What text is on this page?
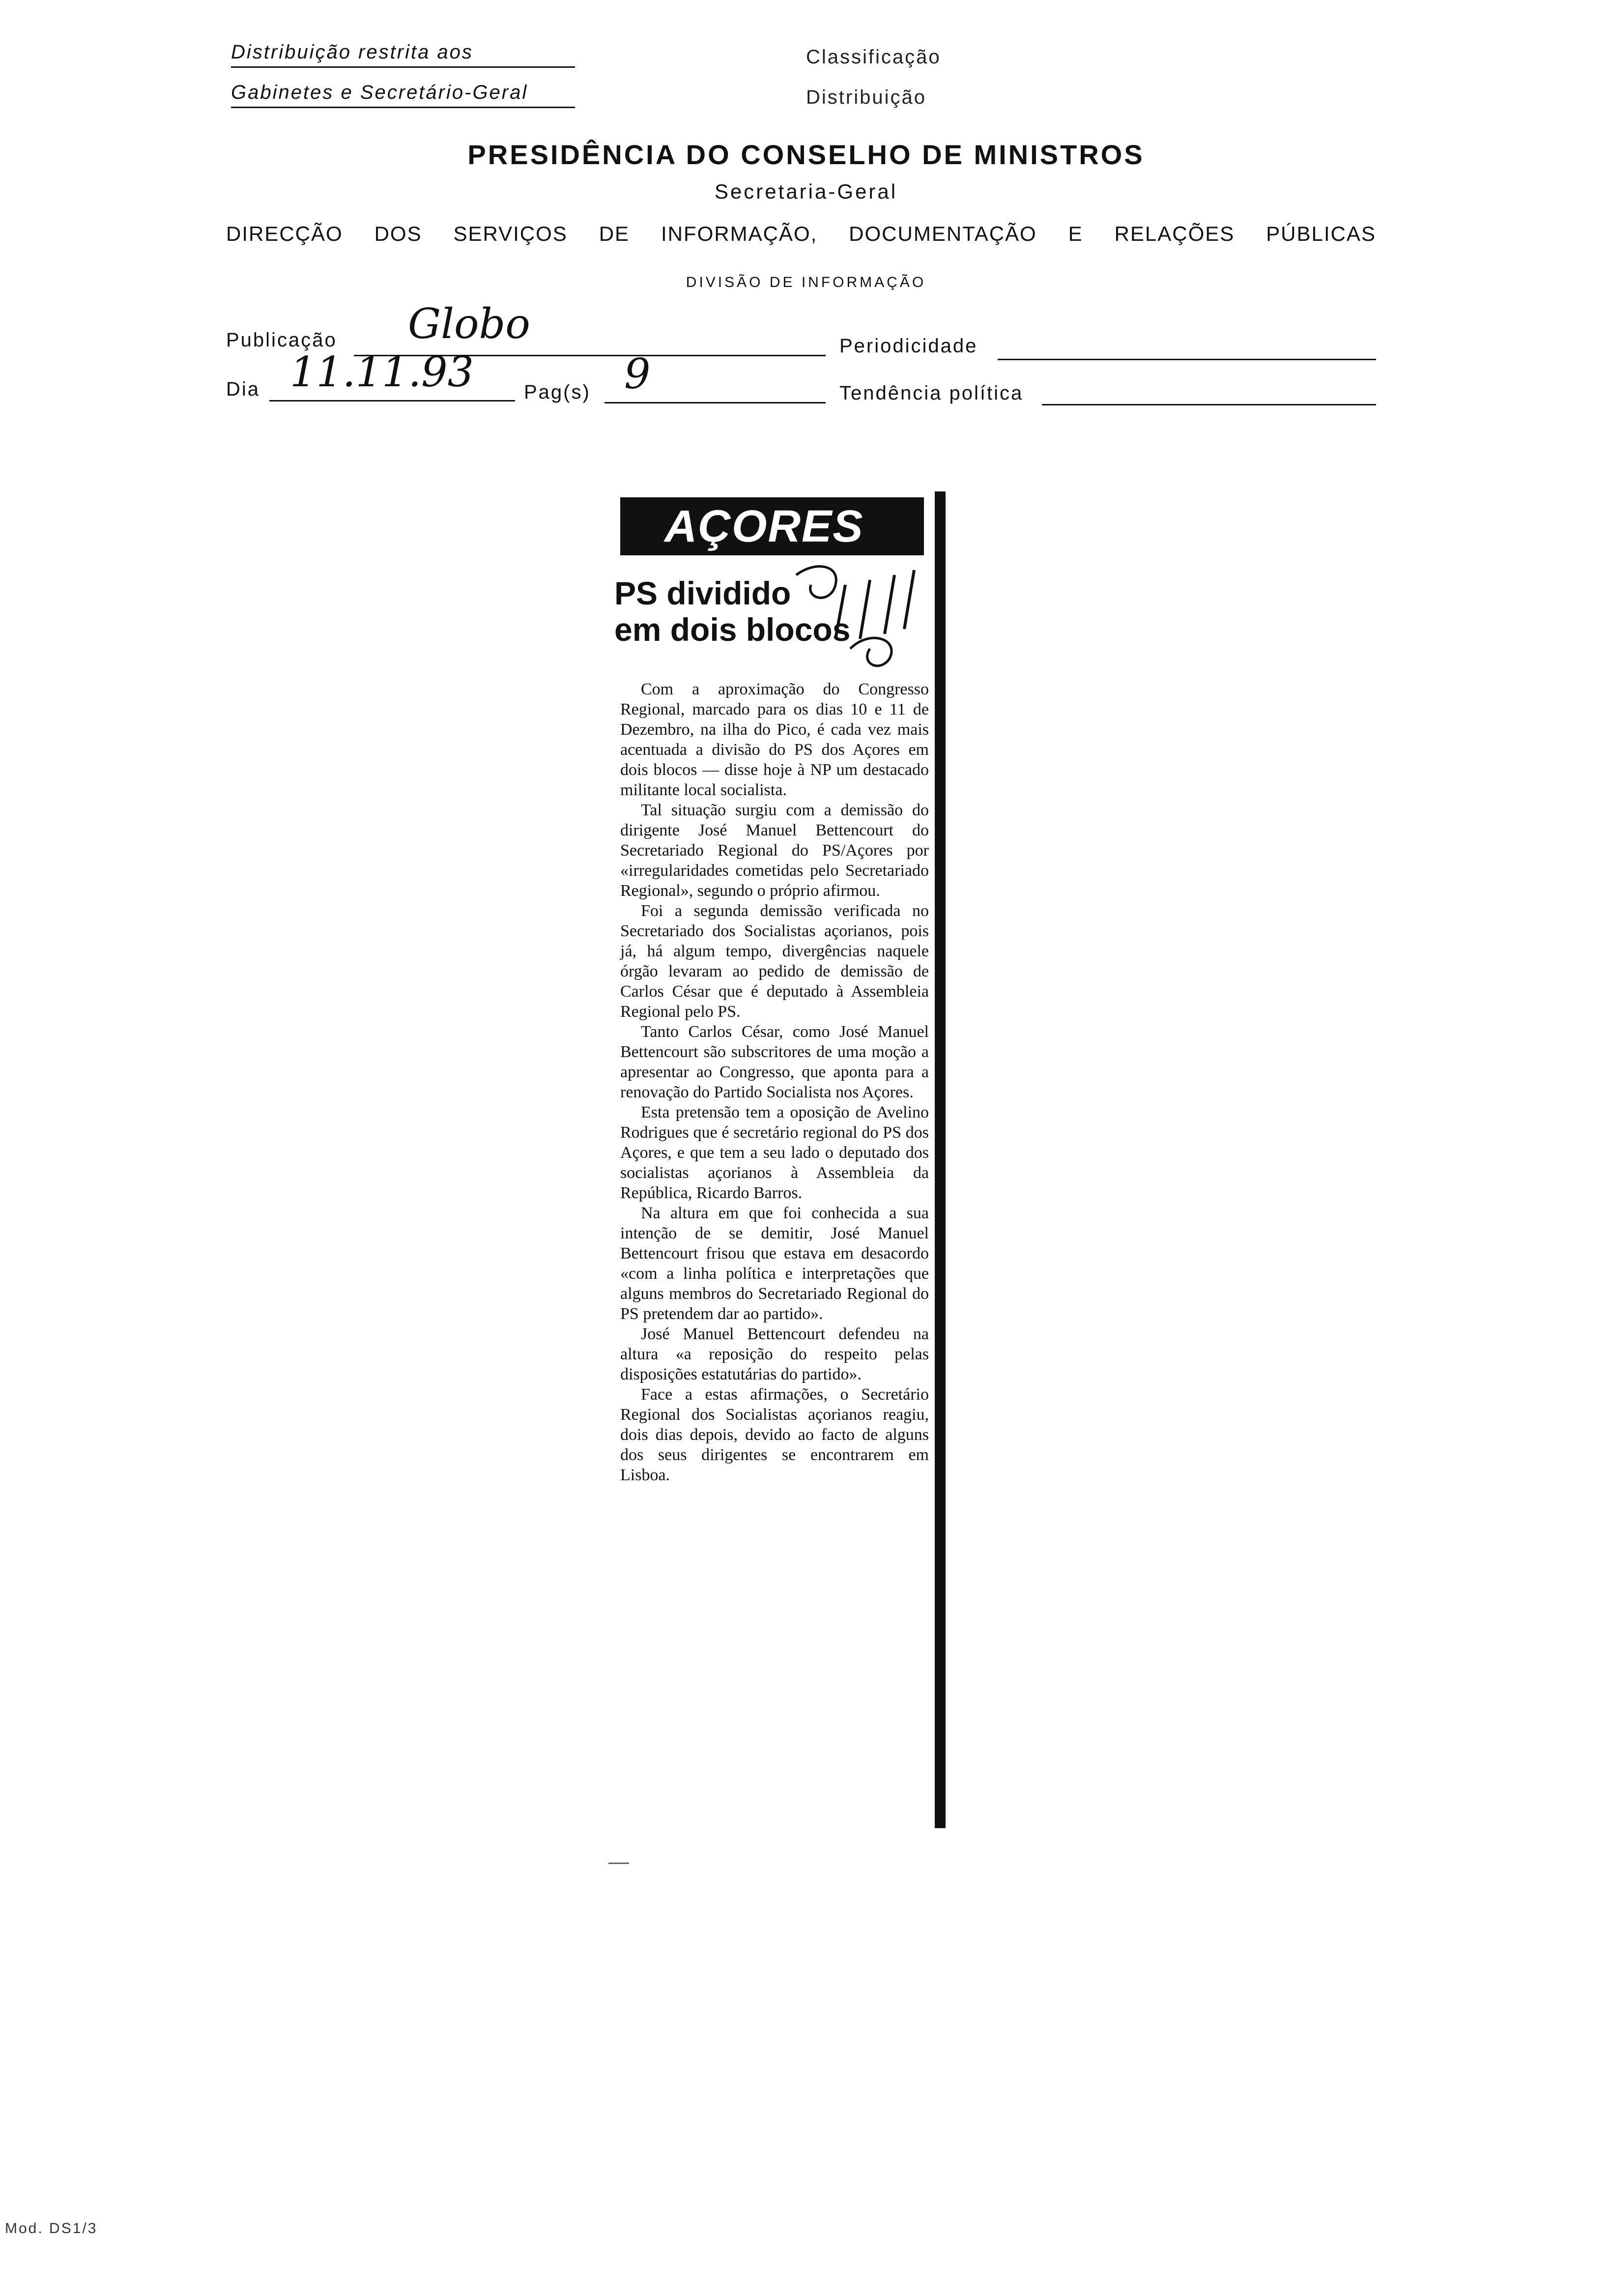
Distribuição restrita aos
Gabinetes e Secretário-Geral
Classificação
Distribuição
PRESIDÊNCIA DO CONSELHO DE MINISTROS
Secretaria-Geral
DIRECÇÃO DOS SERVIÇOS DE INFORMAÇÃO, DOCUMENTAÇÃO E RELAÇÕES PÚBLICAS
DIVISÃO DE INFORMAÇÃO
Publicação Globo	Periodicidade
Dia 11.11.93	Pag(s) 9	Tendência política
AÇORES
PS dividido
em dois blocos

Com a aproximação do Congresso Regional, marcado para os dias 10 e 11 de Dezembro, na ilha do Pico, é cada vez mais acentuada a divisão do PS dos Açores em dois blocos — disse hoje à NP um destacado militante local socialista.

Tal situação surgiu com a demissão do dirigente José Manuel Bettencourt do Secretariado Regional do PS/Açores por «irregularidades cometidas pelo Secretariado Regional», segundo o próprio afirmou.

Foi a segunda demissão verificada no Secretariado dos Socialistas açorianos, pois já, há algum tempo, divergências naquele órgão levaram ao pedido de demissão de Carlos César que é deputado à Assembleia Regional pelo PS.

Tanto Carlos César, como José Manuel Bettencourt são subscritores de uma moção a apresentar ao Congresso, que aponta para a renovação do Partido Socialista nos Açores.

Esta pretensão tem a oposição de Avelino Rodrigues que é secretário regional do PS dos Açores, e que tem a seu lado o deputado dos socialistas açorianos à Assembleia da República, Ricardo Barros.

Na altura em que foi conhecida a sua intenção de se demitir, José Manuel Bettencourt frisou que estava em desacordo «com a linha política e interpretações que alguns membros do Secretariado Regional do PS pretendem dar ao partido».

José Manuel Bettencourt defendeu na altura «a reposição do respeito pelas disposições estatutárias do partido».

Face a estas afirmações, o Secretário Regional dos Socialistas açorianos reagiu, dois dias depois, devido ao facto de alguns dos seus dirigentes se encontrarem em Lisboa.

Mod. DS1/3
